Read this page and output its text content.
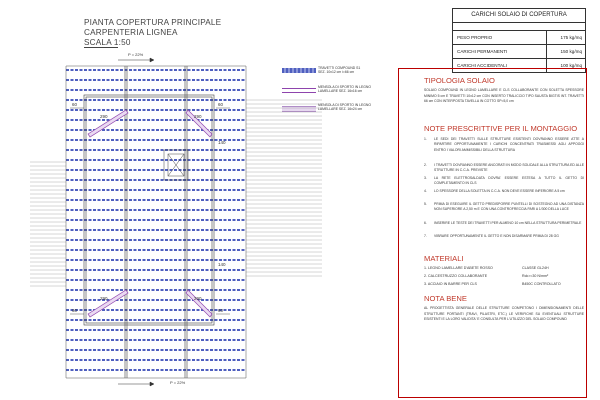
PIANTA COPERTURA PRINCIPALE
CARPENTERIA LIGNEA
SCALA 1:50
CARICHI SOLAIO DI COPERTURA
PESO PROPRIO	175 kg/mq
CARICHI PERMANENTI	150 kg/mq
CARICHI ACCIDENTALI	100 kg/mq
TRAVETTI COMPOUND S1
SEZ. 10x12 cm i=66 cm
MENSOLA DI SPORTO IN LEGNO
LAMELLARE SEZ. 16x16 cm
MENSOLA DI SPORTO IN LEGNO
LAMELLARE SEZ. 16x24 cm
P = 22%
P = 22%
60	60
60	60
290	290
290	290
140
140
TIPOLOGIA SOLAIO
SOLAIO COMPOUND IN LEGNO LAMELLARE E CLS COLLABORANTE CON SOLETTA SPESSORE MINIMO 5 cm E TRAVETTI 10x12 cm CON INSERTO TRALICCIO TIPO SAUSTA BIGTIS INT. TRAVETTI 66 cm CON INTERPOSTA TAVELLA IN COTTO SP=5,0 cm
NOTE PRESCRITTIVE PER IL MONTAGGIO
1.	LE SEDI DEI TRAVETTI SULLE STRUTTURE ESISTENTI DOVRANNO ESSERE ATTE A RIPARTIRE OPPORTUNAMENTE I CARICHI CONCENTRATI TRASMESSI AGLI APPOGGI ENTRO I VALORI AMMISSIBILI DELLA STRUTTURA
2.	I TRAVETTI DOVRANNO ESSERE ANCORATI IN MODO SOLIDALE ALLA STRUTTURA ED ALLE STRUTTURE IN C.C.A. PREVISTE
3.	LA RETE ELETTROSALDATA DOVRA' ESSERE ESTESA A TUTTO IL GETTO DI COMPLETAMENTO IN CLS
4.	LO SPESSORE DELLA SOLETTA IN C.C.A. NON DEVE ESSERE INFERIORE A 5 cm
5.	PRIMA DI ESEGUIRE IL GETTO PREDISPORRE PUNTELLI DI SOSTEGNO AD UNA DISTANZA NON SUPERIORE A 2,50 m E CON UNA CONTROFRECCIA PARI A 1/300 DELLA LUCE
6.	INSERIRE LE TESTE DEI TRAVETTI PER ALMENO 10 cm NELLA STRUTTURA PERIMETRALE
7.	VIBRARE OPPORTUNAMENTE IL GETTO E NON DISARMARE PRIMA DI 28 GG
MATERIALI
1. LEGNO LAMELLARE D'ABETE ROSSO	CLASSE GL24H
2. CALCESTRUZZO COLLABORANTE	Rck>=30 N/mm²
3. ACCIAIO IN BARRE PER CLS	B450C CONTROLLATO
NOTA BENE
AL PROGETTISTA GENERALE DELLE STRUTTURE COMPETONO I DIMENSIONAMENTI DELLE STRUTTURE PORTANTI (TRAVI, PILASTRI, ETC.) LE VERIFICHE SU EVENTUALI STRUTTURE ESISTENTI E LA LORO VALIDITA' E CONSULTA PER L'UTILIZZO DEL SOLAIO COMPOUND
